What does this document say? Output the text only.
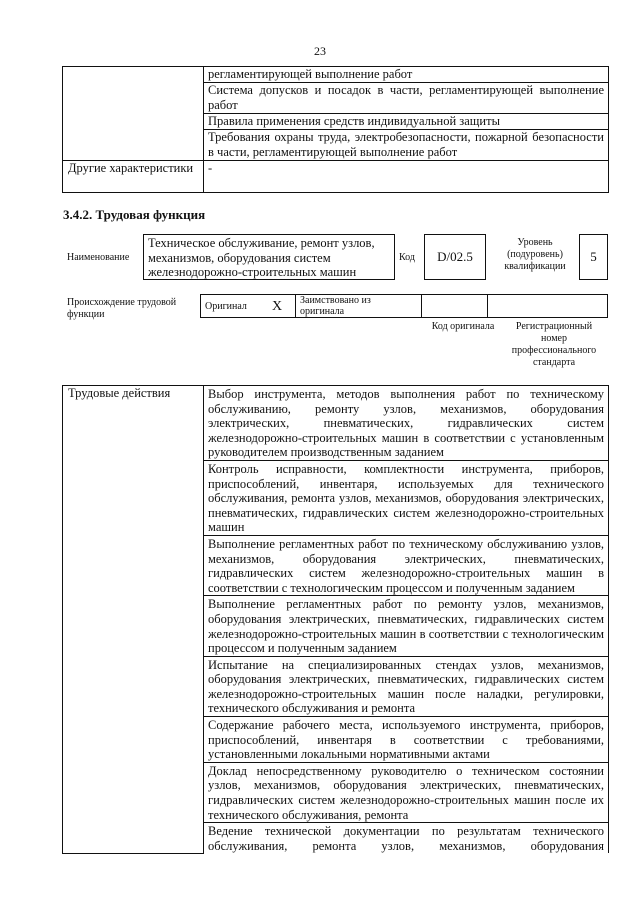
23
	регламентирующей выполнение работ
	Система допусков и посадок в части, регламентирующей выполнение работ
	Правила применения средств индивидуальной защиты
	Требования охраны труда, электробезопасности, пожарной безопасности в части, регламентирующей выполнение работ
Другие характеристики	-
3.4.2. Трудовая функция
Наименование
Техническое обслуживание, ремонт узлов, механизмов, оборудования систем железнодорожно-строительных машин
Код	D/02.5
Уровень (подуровень) квалификации
5
Происхождение трудовой функции
Оригинал	X	Заимствовано из оригинала		
Код оригинала	Регистрационный номер профессионального стандарта
Трудовые действия	Выбор инструмента, методов выполнения работ по техническому обслуживанию, ремонту узлов, механизмов, оборудования электрических, пневматических, гидравлических систем железнодорожно-строительных машин в соответствии с установленным руководителем производственным заданием
Контроль исправности, комплектности инструмента, приборов, приспособлений, инвентаря, используемых для технического обслуживания, ремонта узлов, механизмов, оборудования электрических, пневматических, гидравлических систем железнодорожно-строительных машин
Выполнение регламентных работ по техническому обслуживанию узлов, механизмов, оборудования электрических, пневматических, гидравлических систем железнодорожно-строительных машин в соответствии с технологическим процессом и полученным заданием
Выполнение регламентных работ по ремонту узлов, механизмов, оборудования электрических, пневматических, гидравлических систем железнодорожно-строительных машин в соответствии с технологическим процессом и полученным заданием
Испытание на специализированных стендах узлов, механизмов, оборудования электрических, пневматических, гидравлических систем железнодорожно-строительных машин после наладки, регулировки, технического обслуживания и ремонта
Содержание рабочего места, используемого инструмента, приборов, приспособлений, инвентаря в соответствии с требованиями, установленными локальными нормативными актами
Доклад непосредственному руководителю о техническом состоянии узлов, механизмов, оборудования электрических, пневматических, гидравлических систем железнодорожно-строительных машин после их технического обслуживания, ремонта
Ведение технической документации по результатам технического обслуживания, ремонта узлов, механизмов, оборудования
